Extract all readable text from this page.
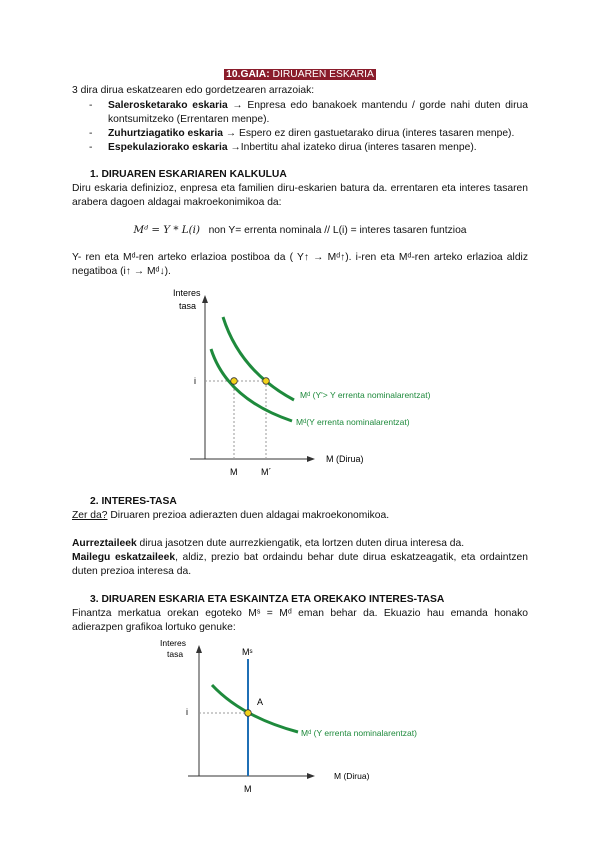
10.GAIA: DIRUAREN ESKARIA

3 dira dirua eskatzearen edo gordetzearen arrazoiak:

- Salerosketarako eskaria → Enpresa edo banakoek mantendu / gorde nahi duten dirua kontsumitzeko (Errentaren menpe).
- Zuhurtziagatiko eskaria → Espero ez diren gastuetarako dirua (interes tasaren menpe).
- Espekulaziorako eskaria →Inbertitu ahal izateko dirua (interes tasaren menpe).
1. DIRUAREN ESKARIAREN KALKULUA

Diru eskaria definizioz, enpresa eta familien diru-eskarien batura da. errentaren eta interes tasaren arabera dagoen aldagai makroekonimikoa da:

Mᵈ = Y * L(i) non Y= errenta nominala // L(i) = interes tasaren funtzioa

Y- ren eta Mᵈ-ren arteko erlazioa postiboa da ( Y↑ → Mᵈ↑). i-ren eta Mᵈ-ren arteko erlazioa aldiz negatiboa (i↑ → Mᵈ↓).

Interes
tasa
M (Dirua)
i
M	M´
Mᵈ (Y'> Y errenta nominalarentzat)
Mᵈ(Y errenta nominalarentzat)
2. INTERES-TASA

Zer da? Diruaren prezioa adierazten duen aldagai makroekonomikoa.

Aurreztaileek dirua jasotzen dute aurrezkiengatik, eta lortzen duten dirua interesa da.

Mailegu eskatzaileek, aldiz, prezio bat ordaindu behar dute dirua eskatzeagatik, eta ordaintzen duten prezioa interesa da.

3. DIRUAREN ESKARIA ETA ESKAINTZA ETA OREKAKO INTERES-TASA

Finantza merkatua orekan egoteko Mˢ = Mᵈ eman behar da. Ekuazio hau emanda honako adierazpen grafikoa lortuko genuke:

Interes
tasa
M (Dirua)
Mˢ
i
A
M
Mᵈ (Y errenta nominalarentzat)
